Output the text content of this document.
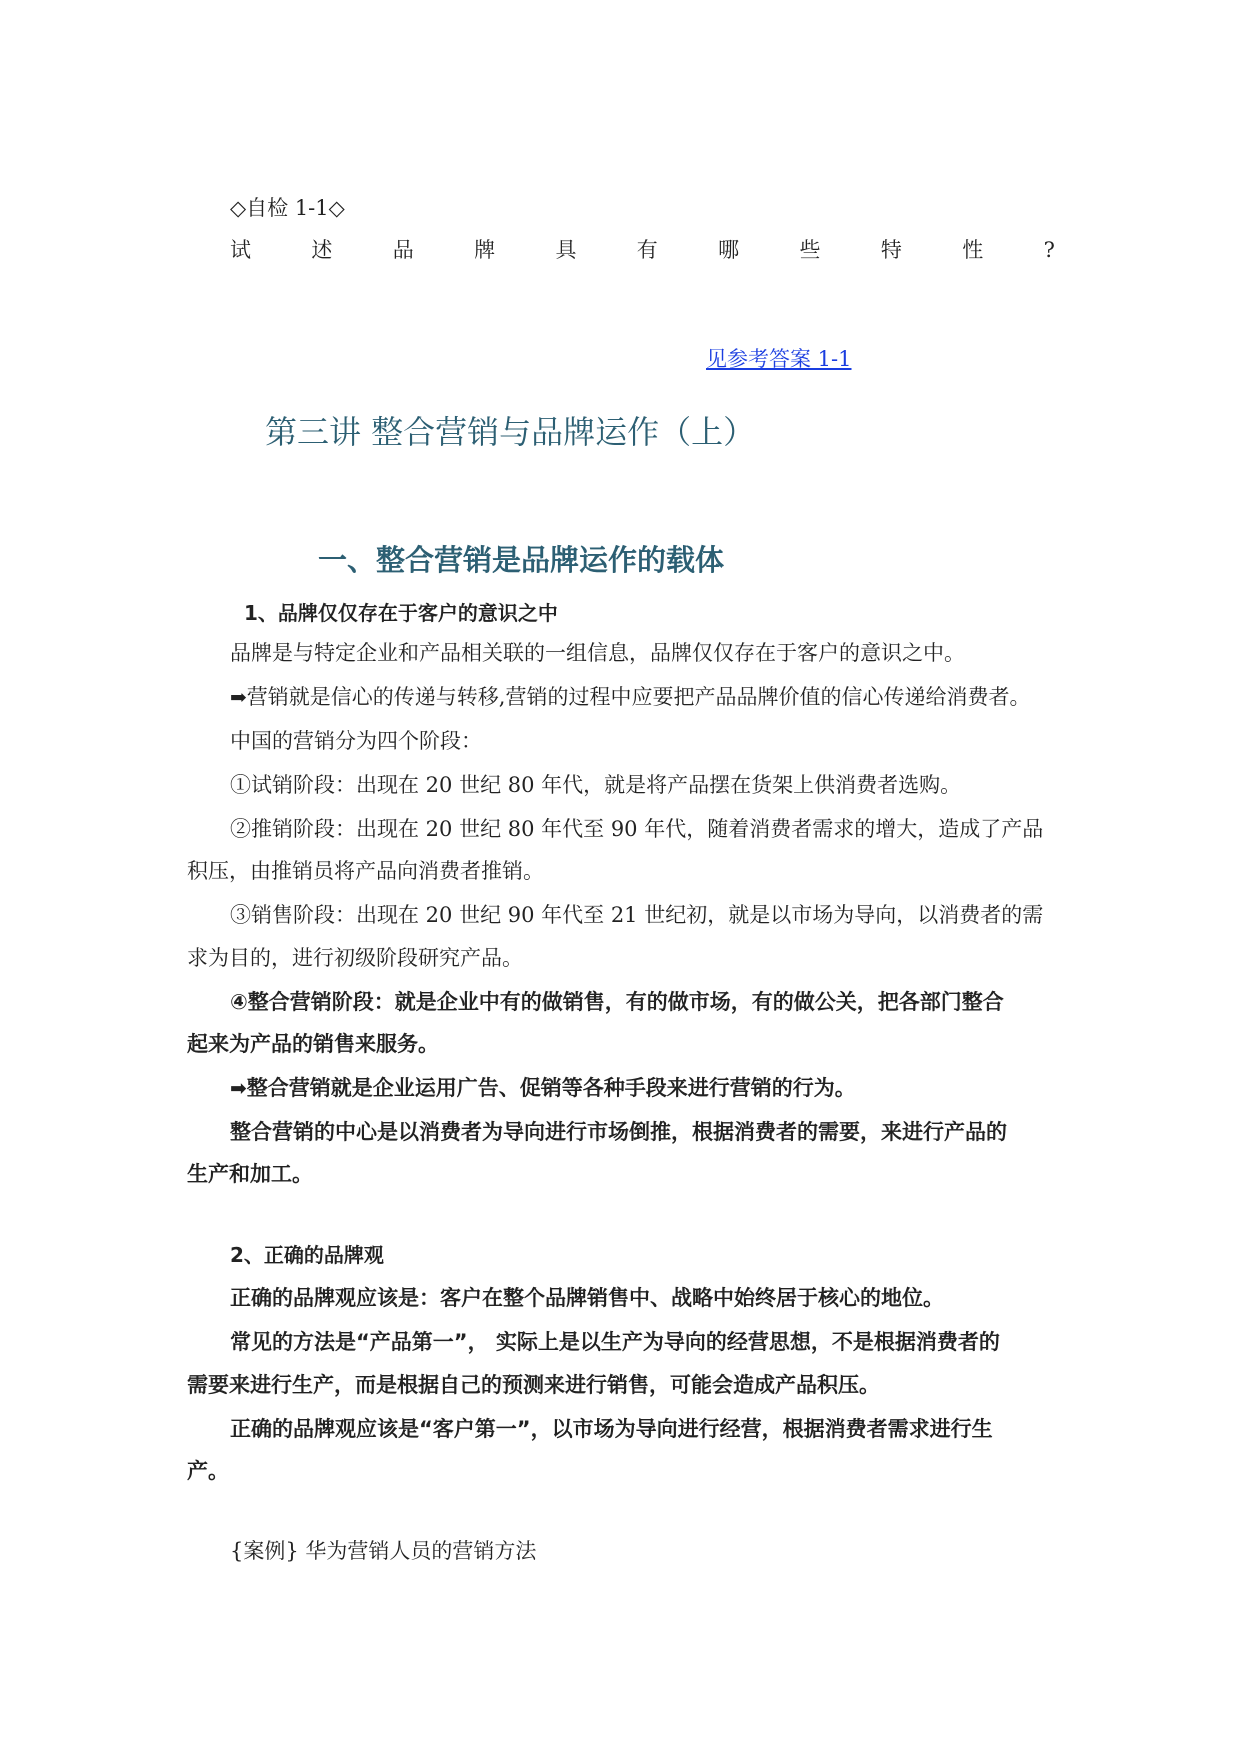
◇自检 1-1◇
试	述	品	牌	具	有	哪	些	特	性	?
见参考答案 1-1
第三讲 整合营销与品牌运作（上）
一、整合营销是品牌运作的载体
1、品牌仅仅存在于客户的意识之中
品牌是与特定企业和产品相关联的一组信息，品牌仅仅存在于客户的意识之中。
➡营销就是信心的传递与转移,营销的过程中应要把产品品牌价值的信心传递给消费者。
中国的营销分为四个阶段：
①试销阶段：出现在 20 世纪 80 年代，就是将产品摆在货架上供消费者选购。
②推销阶段：出现在 20 世纪 80 年代至 90 年代，随着消费者需求的增大，造成了产品
积压，由推销员将产品向消费者推销。
③销售阶段：出现在 20 世纪 90 年代至 21 世纪初，就是以市场为导向，以消费者的需
求为目的，进行初级阶段研究产品。
④整合营销阶段：就是企业中有的做销售，有的做市场，有的做公关，把各部门整合
起来为产品的销售来服务。
➡整合营销就是企业运用广告、促销等各种手段来进行营销的行为。
整合营销的中心是以消费者为导向进行市场倒推，根据消费者的需要，来进行产品的
生产和加工。
2、正确的品牌观
正确的品牌观应该是：客户在整个品牌销售中、战略中始终居于核心的地位。
常见的方法是“产品第一”， 实际上是以生产为导向的经营思想，不是根据消费者的
需要来进行生产，而是根据自己的预测来进行销售，可能会造成产品积压。
正确的品牌观应该是“客户第一”，以市场为导向进行经营，根据消费者需求进行生
产。
{案例} 华为营销人员的营销方法
